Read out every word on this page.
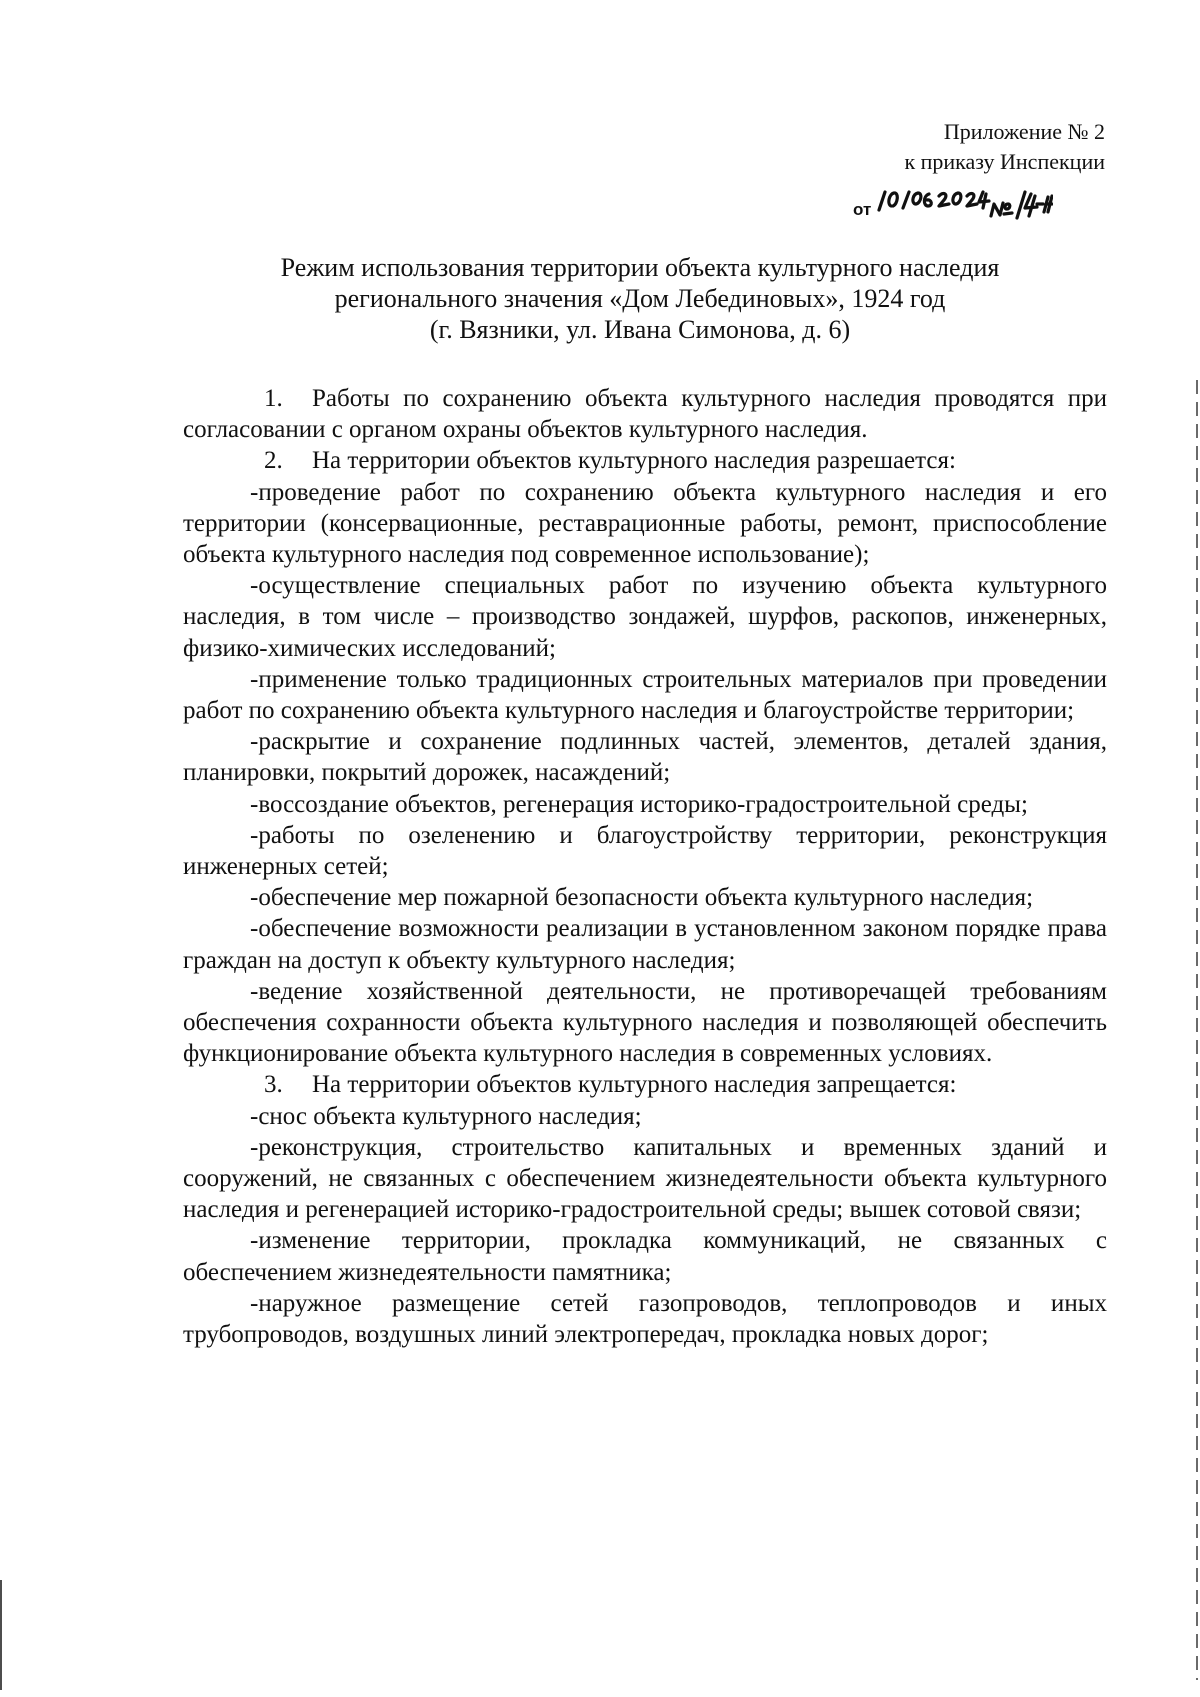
Приложение № 2
к приказу Инспекции
от
Режим использования территории объекта культурного наследия
регионального значения «Дом Лебединовых», 1924 год
(г. Вязники, ул. Ивана Симонова, д. 6)

1. Работы по сохранению объекта культурного наследия проводятся при согласовании с органом охраны объектов культурного наследия.

2. На территории объектов культурного наследия разрешается:

-проведение работ по сохранению объекта культурного наследия и его территории (консервационные, реставрационные работы, ремонт, приспособление объекта культурного наследия под современное использование);

-осуществление специальных работ по изучению объекта культурного наследия, в том числе – производство зондажей, шурфов, раскопов, инженерных, физико-химических исследований;

-применение только традиционных строительных материалов при проведении работ по сохранению объекта культурного наследия и благоустройстве территории;

-раскрытие и сохранение подлинных частей, элементов, деталей здания, планировки, покрытий дорожек, насаждений;

-воссоздание объектов, регенерация историко-градостроительной среды;

-работы по озеленению и благоустройству территории, реконструкция инженерных сетей;

-обеспечение мер пожарной безопасности объекта культурного наследия;

-обеспечение возможности реализации в установленном законом порядке права граждан на доступ к объекту культурного наследия;

-ведение хозяйственной деятельности, не противоречащей требованиям обеспечения сохранности объекта культурного наследия и позволяющей обеспечить функционирование объекта культурного наследия в современных условиях.

3. На территории объектов культурного наследия запрещается:

-снос объекта культурного наследия;

-реконструкция, строительство капитальных и временных зданий и сооружений, не связанных с обеспечением жизнедеятельности объекта культурного наследия и регенерацией историко-градостроительной среды; вышек сотовой связи;

-изменение территории, прокладка коммуникаций, не связанных с обеспечением жизнедеятельности памятника;

-наружное размещение сетей газопроводов, теплопроводов и иных трубопроводов, воздушных линий электропередач, прокладка новых дорог;
